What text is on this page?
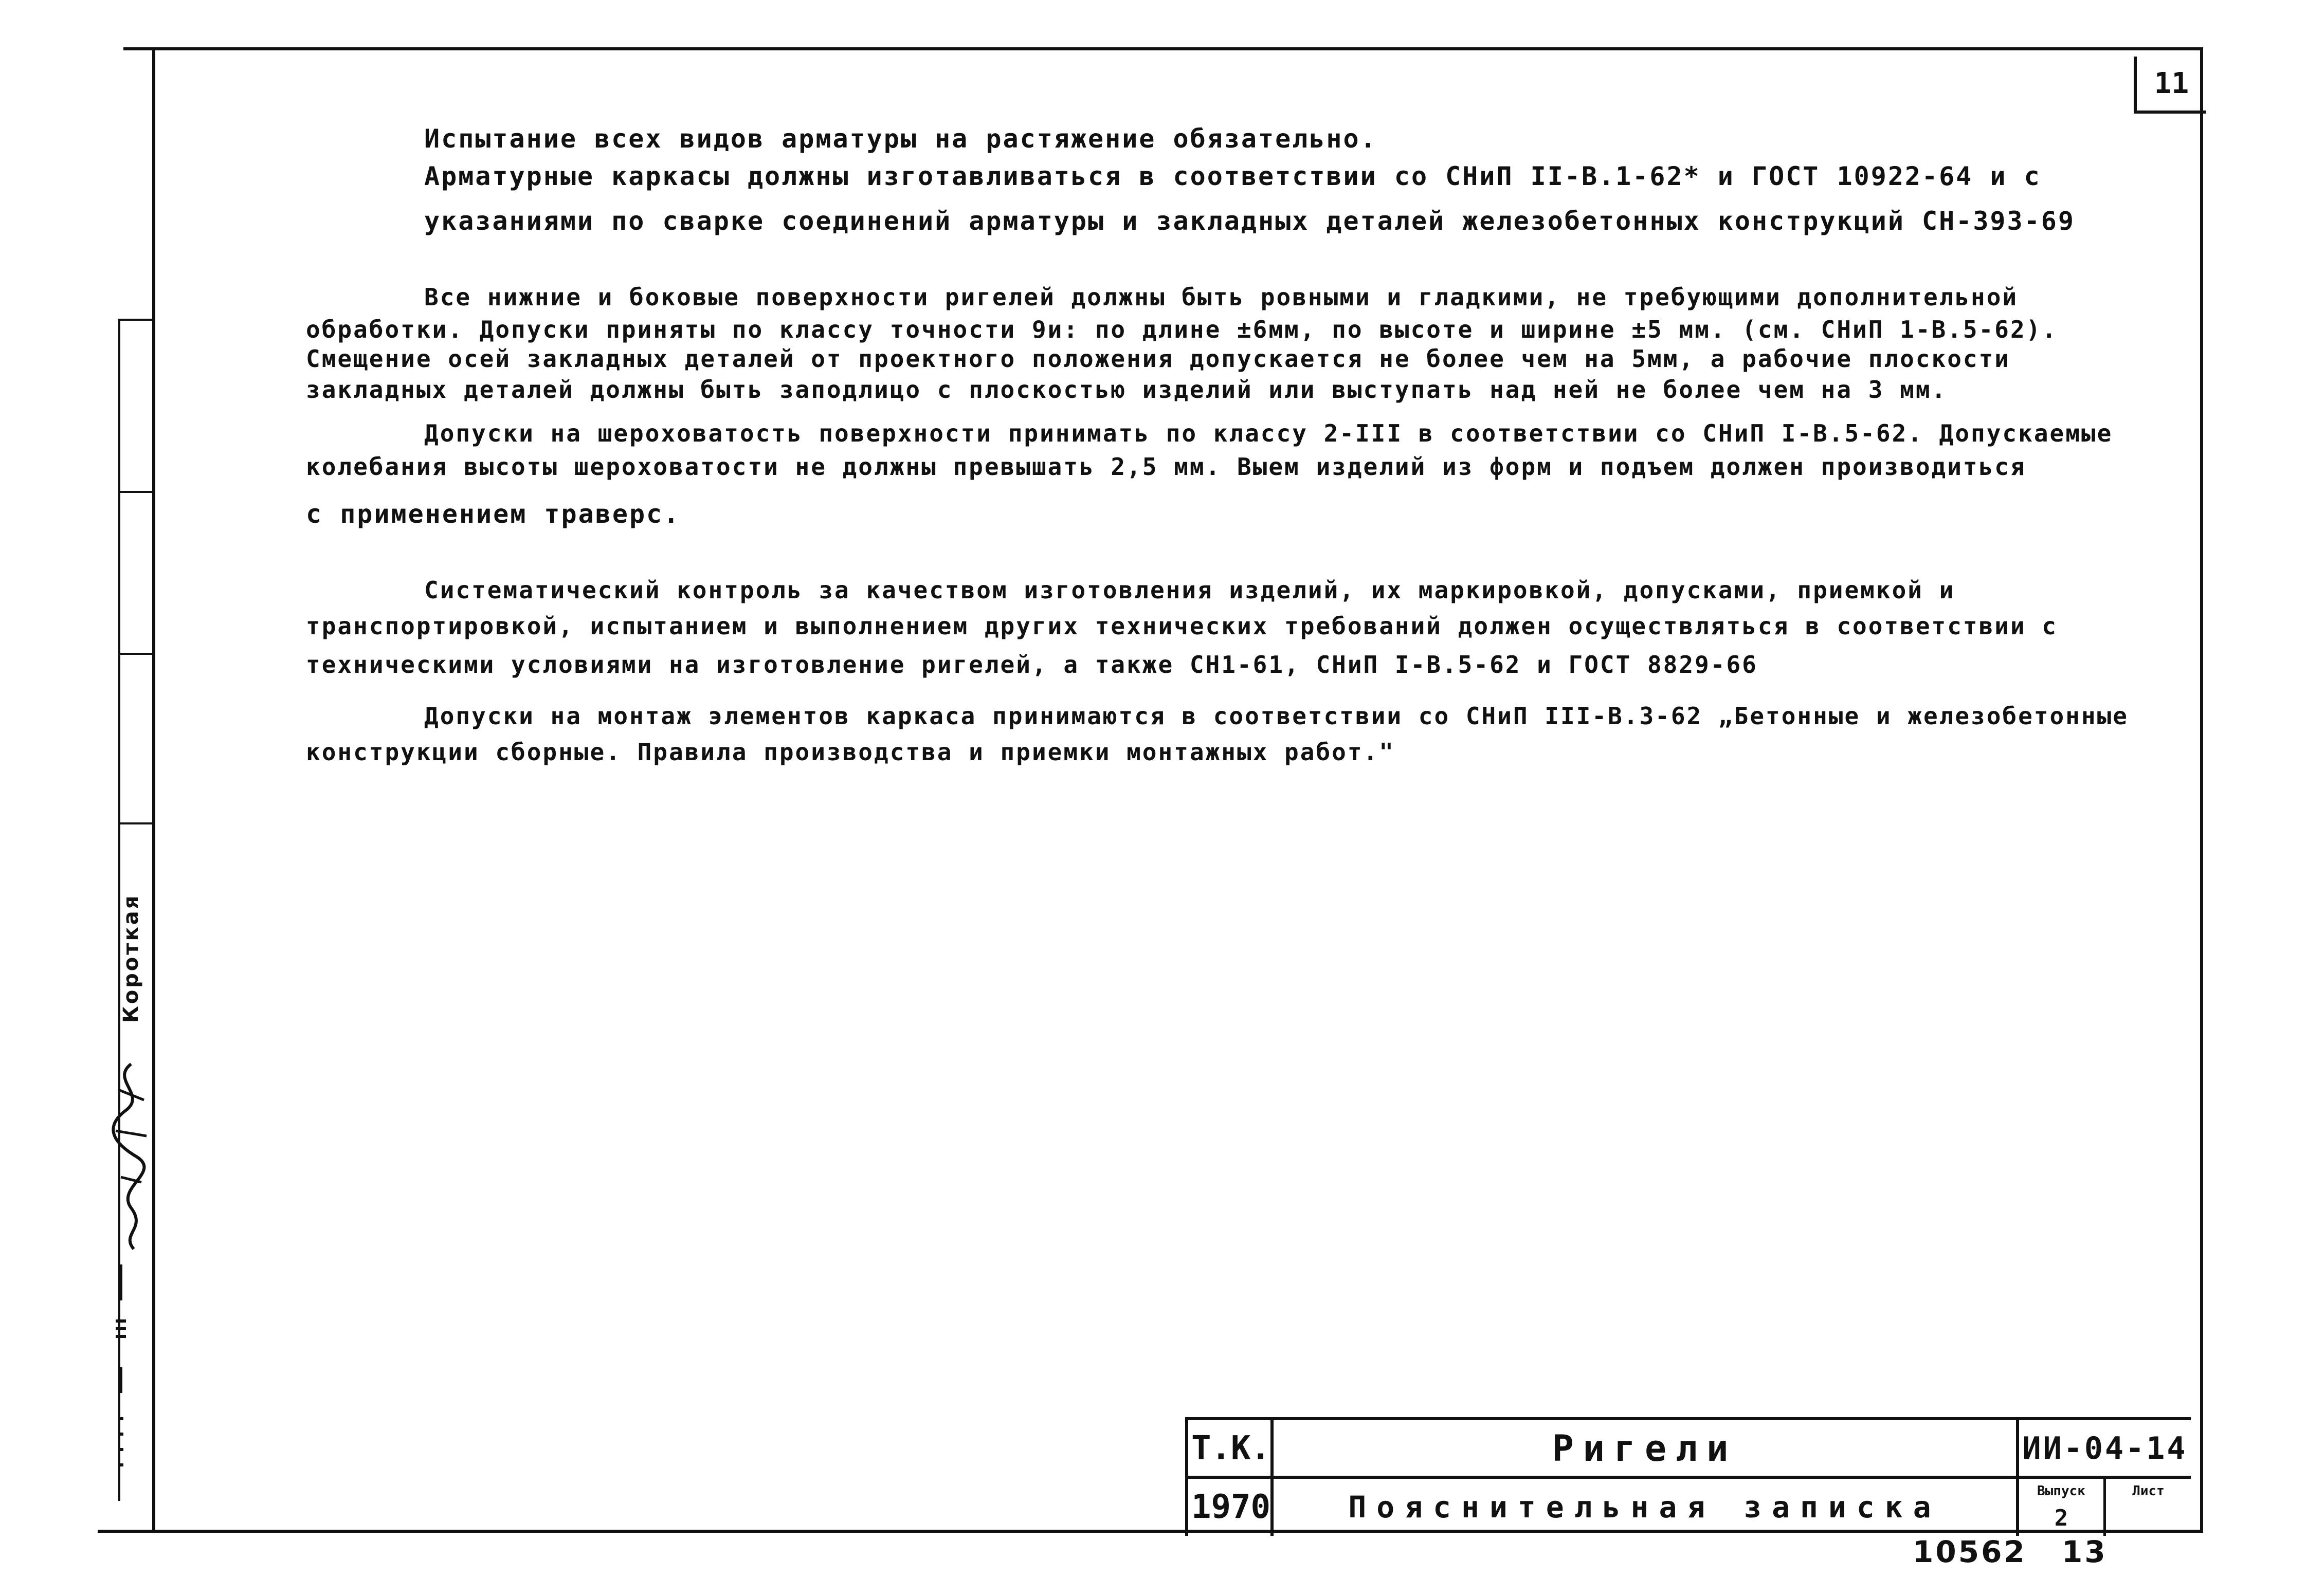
11
Испытание всех видов арматуры на растяжение обязательно.
Арматурные каркасы должны изготавливаться в соответствии со СНиП II-В.1-62* и ГОСТ 10922-64 и с
указаниями по сварке соединений арматуры и закладных деталей железобетонных конструкций СН-393-69
Все нижние и боковые поверхности ригелей должны быть ровными и гладкими, не требующими дополнительной
обработки. Допуски приняты по классу точности 9и: по длине ±6мм, по высоте и ширине ±5 мм. (см. СНиП 1-В.5-62).
Смещение осей закладных деталей от проектного положения допускается не более чем на 5мм, а рабочие плоскости
закладных деталей должны быть заподлицо с плоскостью изделий или выступать над ней не более чем на 3 мм.
Допуски на шероховатость поверхности принимать по классу 2-III в соответствии со СНиП I-В.5-62. Допускаемые
колебания высоты шероховатости не должны превышать 2,5 мм. Выем изделий из форм и подъем должен производиться
с применением траверс.
Систематический контроль за качеством изготовления изделий, их маркировкой, допусками, приемкой и
транспортировкой, испытанием и выполнением других технических требований должен осуществляться в соответствии с
техническими условиями на изготовление ригелей, а также СН1-61, СНиП I-В.5-62 и ГОСТ 8829-66
Допуски на монтаж элементов каркаса принимаются в соответствии со СНиП III-В.3-62 „Бетонные и железобетонные
конструкции сборные. Правила производства и приемки монтажных работ."
Короткая
Т.К.
1970
Ригели
Пояснительная записка
ИИ-04-14
Выпуск
2
Лист
10562 13
